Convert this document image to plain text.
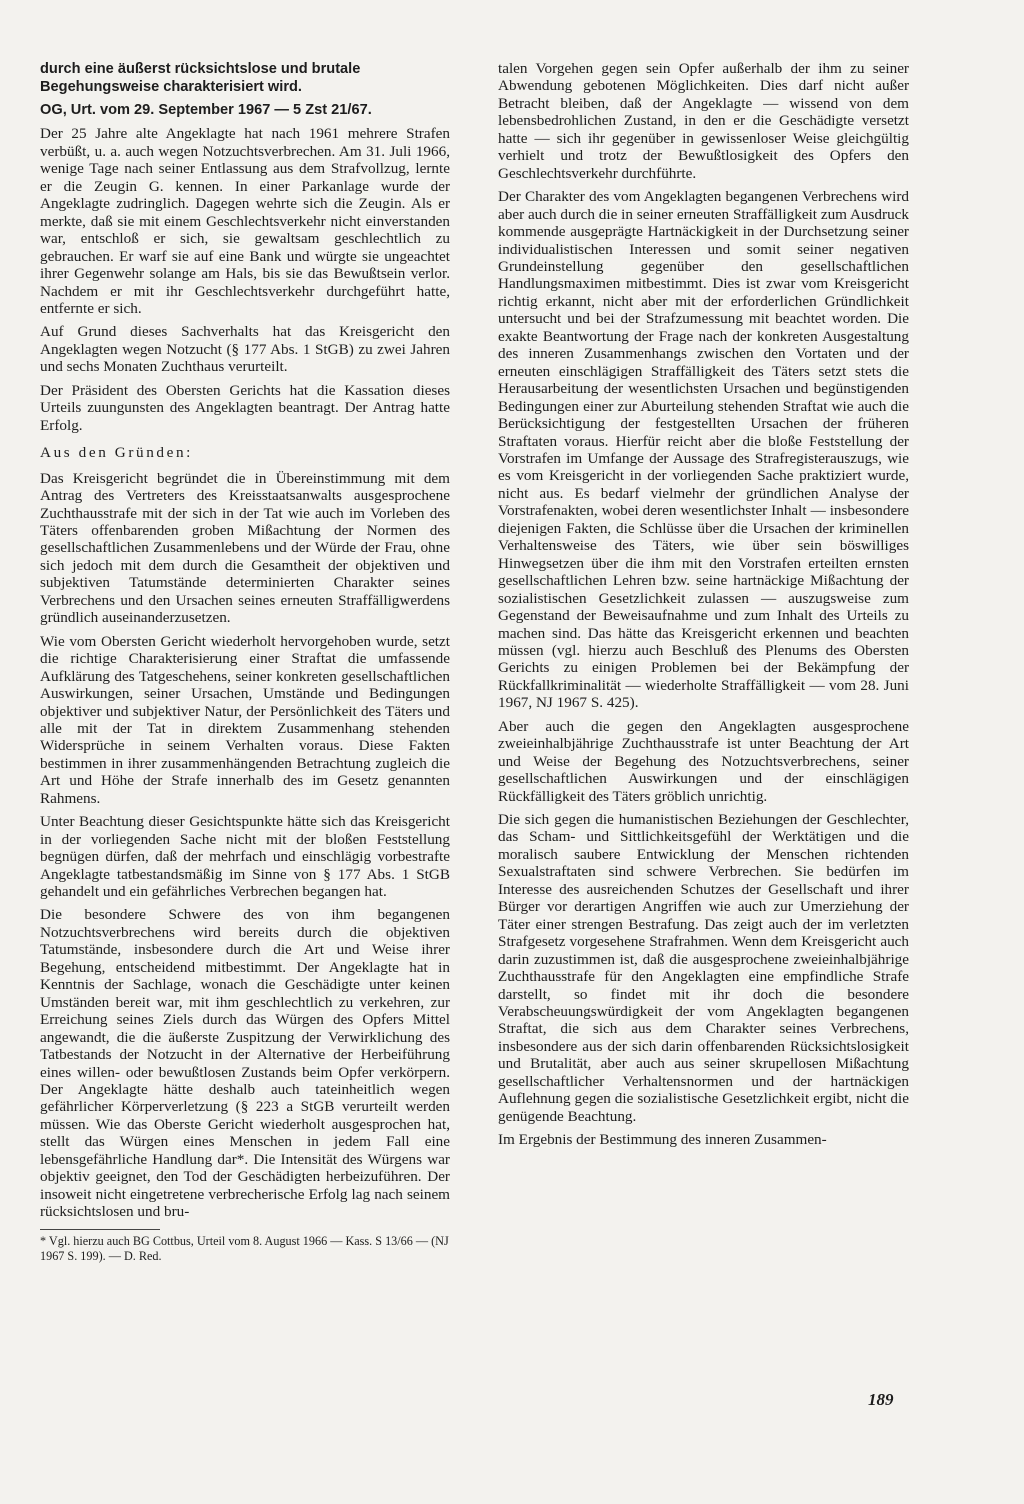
durch eine äußerst rücksichtslose und brutale Begehungsweise charakterisiert wird.

OG, Urt. vom 29. September 1967 — 5 Zst 21/67.

Der 25 Jahre alte Angeklagte hat nach 1961 mehrere Strafen verbüßt, u. a. auch wegen Notzuchtsverbrechen. Am 31. Juli 1966, wenige Tage nach seiner Entlassung aus dem Strafvollzug, lernte er die Zeugin G. kennen. In einer Parkanlage wurde der Angeklagte zudringlich. Dagegen wehrte sich die Zeugin. Als er merkte, daß sie mit einem Geschlechtsverkehr nicht einverstanden war, entschloß er sich, sie gewaltsam geschlechtlich zu gebrauchen. Er warf sie auf eine Bank und würgte sie ungeachtet ihrer Gegenwehr solange am Hals, bis sie das Bewußtsein verlor. Nachdem er mit ihr Geschlechtsverkehr durchgeführt hatte, entfernte er sich.

Auf Grund dieses Sachverhalts hat das Kreisgericht den Angeklagten wegen Notzucht (§ 177 Abs. 1 StGB) zu zwei Jahren und sechs Monaten Zuchthaus verurteilt.

Der Präsident des Obersten Gerichts hat die Kassation dieses Urteils zuungunsten des Angeklagten beantragt. Der Antrag hatte Erfolg.

Aus den Gründen:

Das Kreisgericht begründet die in Übereinstimmung mit dem Antrag des Vertreters des Kreisstaatsanwalts ausgesprochene Zuchthausstrafe mit der sich in der Tat wie auch im Vorleben des Täters offenbarenden groben Mißachtung der Normen des gesellschaftlichen Zusammenlebens und der Würde der Frau, ohne sich jedoch mit dem durch die Gesamtheit der objektiven und subjektiven Tatumstände determinierten Charakter seines Verbrechens und den Ursachen seines erneuten Straffälligwerdens gründlich auseinanderzusetzen.

Wie vom Obersten Gericht wiederholt hervorgehoben wurde, setzt die richtige Charakterisierung einer Straftat die umfassende Aufklärung des Tatgeschehens, seiner konkreten gesellschaftlichen Auswirkungen, seiner Ursachen, Umstände und Bedingungen objektiver und subjektiver Natur, der Persönlichkeit des Täters und alle mit der Tat in direktem Zusammenhang stehenden Widersprüche in seinem Verhalten voraus. Diese Fakten bestimmen in ihrer zusammenhängenden Betrachtung zugleich die Art und Höhe der Strafe innerhalb des im Gesetz genannten Rahmens.

Unter Beachtung dieser Gesichtspunkte hätte sich das Kreisgericht in der vorliegenden Sache nicht mit der bloßen Feststellung begnügen dürfen, daß der mehrfach und einschlägig vorbestrafte Angeklagte tatbestandsmäßig im Sinne von § 177 Abs. 1 StGB gehandelt und ein gefährliches Verbrechen begangen hat.

Die besondere Schwere des von ihm begangenen Notzuchtsverbrechens wird bereits durch die objektiven Tatumstände, insbesondere durch die Art und Weise ihrer Begehung, entscheidend mitbestimmt. Der Angeklagte hat in Kenntnis der Sachlage, wonach die Geschädigte unter keinen Umständen bereit war, mit ihm geschlechtlich zu verkehren, zur Erreichung seines Ziels durch das Würgen des Opfers Mittel angewandt, die die äußerste Zuspitzung der Verwirklichung des Tatbestands der Notzucht in der Alternative der Herbeiführung eines willen- oder bewußtlosen Zustands beim Opfer verkörpern. Der Angeklagte hätte deshalb auch tateinheitlich wegen gefährlicher Körperverletzung (§ 223 a StGB verurteilt werden müssen. Wie das Oberste Gericht wiederholt ausgesprochen hat, stellt das Würgen eines Menschen in jedem Fall eine lebensgefährliche Handlung dar*. Die Intensität des Würgens war objektiv geeignet, den Tod der Geschädigten herbeizuführen. Der insoweit nicht eingetretene verbrecherische Erfolg lag nach seinem rücksichtslosen und bru-

* Vgl. hierzu auch BG Cottbus, Urteil vom 8. August 1966 — Kass. S 13/66 — (NJ 1967 S. 199). — D. Red.

talen Vorgehen gegen sein Opfer außerhalb der ihm zu seiner Abwendung gebotenen Möglichkeiten. Dies darf nicht außer Betracht bleiben, daß der Angeklagte — wissend von dem lebensbedrohlichen Zustand, in den er die Geschädigte versetzt hatte — sich ihr gegenüber in gewissenloser Weise gleichgültig verhielt und trotz der Bewußtlosigkeit des Opfers den Geschlechtsverkehr durchführte.

Der Charakter des vom Angeklagten begangenen Verbrechens wird aber auch durch die in seiner erneuten Straffälligkeit zum Ausdruck kommende ausgeprägte Hartnäckigkeit in der Durchsetzung seiner individualistischen Interessen und somit seiner negativen Grundeinstellung gegenüber den gesellschaftlichen Handlungsmaximen mitbestimmt. Dies ist zwar vom Kreisgericht richtig erkannt, nicht aber mit der erforderlichen Gründlichkeit untersucht und bei der Strafzumessung mit beachtet worden. Die exakte Beantwortung der Frage nach der konkreten Ausgestaltung des inneren Zusammenhangs zwischen den Vortaten und der erneuten einschlägigen Straffälligkeit des Täters setzt stets die Herausarbeitung der wesentlichsten Ursachen und begünstigenden Bedingungen einer zur Aburteilung stehenden Straftat wie auch die Berücksichtigung der festgestellten Ursachen der früheren Straftaten voraus. Hierfür reicht aber die bloße Feststellung der Vorstrafen im Umfange der Aussage des Strafregisterauszugs, wie es vom Kreisgericht in der vorliegenden Sache praktiziert wurde, nicht aus. Es bedarf vielmehr der gründlichen Analyse der Vorstrafenakten, wobei deren wesentlichster Inhalt — insbesondere diejenigen Fakten, die Schlüsse über die Ursachen der kriminellen Verhaltensweise des Täters, wie über sein böswilliges Hinwegsetzen über die ihm mit den Vorstrafen erteilten ernsten gesellschaftlichen Lehren bzw. seine hartnäckige Mißachtung der sozialistischen Gesetzlichkeit zulassen — auszugsweise zum Gegenstand der Beweisaufnahme und zum Inhalt des Urteils zu machen sind. Das hätte das Kreisgericht erkennen und beachten müssen (vgl. hierzu auch Beschluß des Plenums des Obersten Gerichts zu einigen Problemen bei der Bekämpfung der Rückfallkriminalität — wiederholte Straffälligkeit — vom 28. Juni 1967, NJ 1967 S. 425).

Aber auch die gegen den Angeklagten ausgesprochene zweieinhalbjährige Zuchthausstrafe ist unter Beachtung der Art und Weise der Begehung des Notzuchtsverbrechens, seiner gesellschaftlichen Auswirkungen und der einschlägigen Rückfälligkeit des Täters gröblich unrichtig.

Die sich gegen die humanistischen Beziehungen der Geschlechter, das Scham- und Sittlichkeitsgefühl der Werktätigen und die moralisch saubere Entwicklung der Menschen richtenden Sexualstraftaten sind schwere Verbrechen. Sie bedürfen im Interesse des ausreichenden Schutzes der Gesellschaft und ihrer Bürger vor derartigen Angriffen wie auch zur Umerziehung der Täter einer strengen Bestrafung. Das zeigt auch der im verletzten Strafgesetz vorgesehene Strafrahmen. Wenn dem Kreisgericht auch darin zuzustimmen ist, daß die ausgesprochene zweieinhalbjährige Zuchthausstrafe für den Angeklagten eine empfindliche Strafe darstellt, so findet mit ihr doch die besondere Verabscheuungswürdigkeit der vom Angeklagten begangenen Straftat, die sich aus dem Charakter seines Verbrechens, insbesondere aus der sich darin offenbarenden Rücksichtslosigkeit und Brutalität, aber auch aus seiner skrupellosen Mißachtung gesellschaftlicher Verhaltensnormen und der hartnäckigen Auflehnung gegen die sozialistische Gesetzlichkeit ergibt, nicht die genügende Beachtung.

Im Ergebnis der Bestimmung des inneren Zusammen-

189
